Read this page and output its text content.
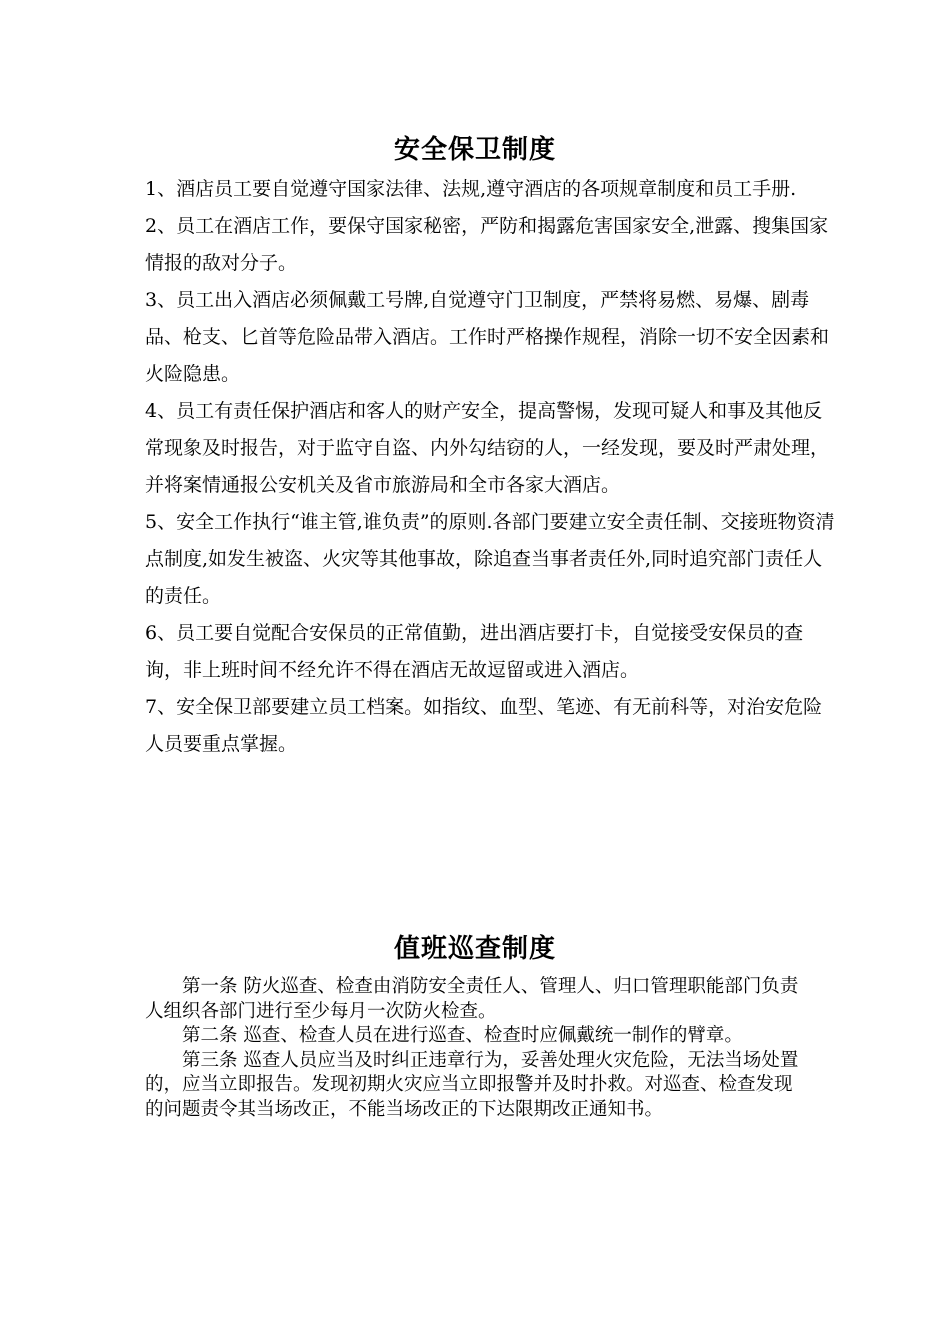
安全保卫制度

1、酒店员工要自觉遵守国家法律、法规,遵守酒店的各项规章制度和员工手册.

2、员工在酒店工作，要保守国家秘密，严防和揭露危害国家安全,泄露、搜集国家情报的敌对分子。

3、员工出入酒店必须佩戴工号牌,自觉遵守门卫制度，严禁将易燃、易爆、剧毒品、枪支、匕首等危险品带入酒店。工作时严格操作规程，消除一切不安全因素和火险隐患。

4、员工有责任保护酒店和客人的财产安全，提高警惕，发现可疑人和事及其他反常现象及时报告，对于监守自盗、内外勾结窃的人，一经发现，要及时严肃处理，并将案情通报公安机关及省市旅游局和全市各家大酒店。

5、安全工作执行“谁主管,谁负责”的原则.各部门要建立安全责任制、交接班物资清点制度,如发生被盗、火灾等其他事故，除追查当事者责任外,同时追究部门责任人的责任。

6、员工要自觉配合安保员的正常值勤，进出酒店要打卡，自觉接受安保员的查询，非上班时间不经允许不得在酒店无故逗留或进入酒店。

7、安全保卫部要建立员工档案。如指纹、血型、笔迹、有无前科等，对治安危险人员要重点掌握。

值班巡查制度

第一条 防火巡查、检查由消防安全责任人、管理人、归口管理职能部门负责人组织各部门进行至少每月一次防火检查。

第二条 巡查、检查人员在进行巡查、检查时应佩戴统一制作的臂章。

第三条 巡查人员应当及时纠正违章行为，妥善处理火灾危险，无法当场处置的，应当立即报告。发现初期火灾应当立即报警并及时扑救。对巡查、检查发现的问题责令其当场改正，不能当场改正的下达限期改正通知书。
